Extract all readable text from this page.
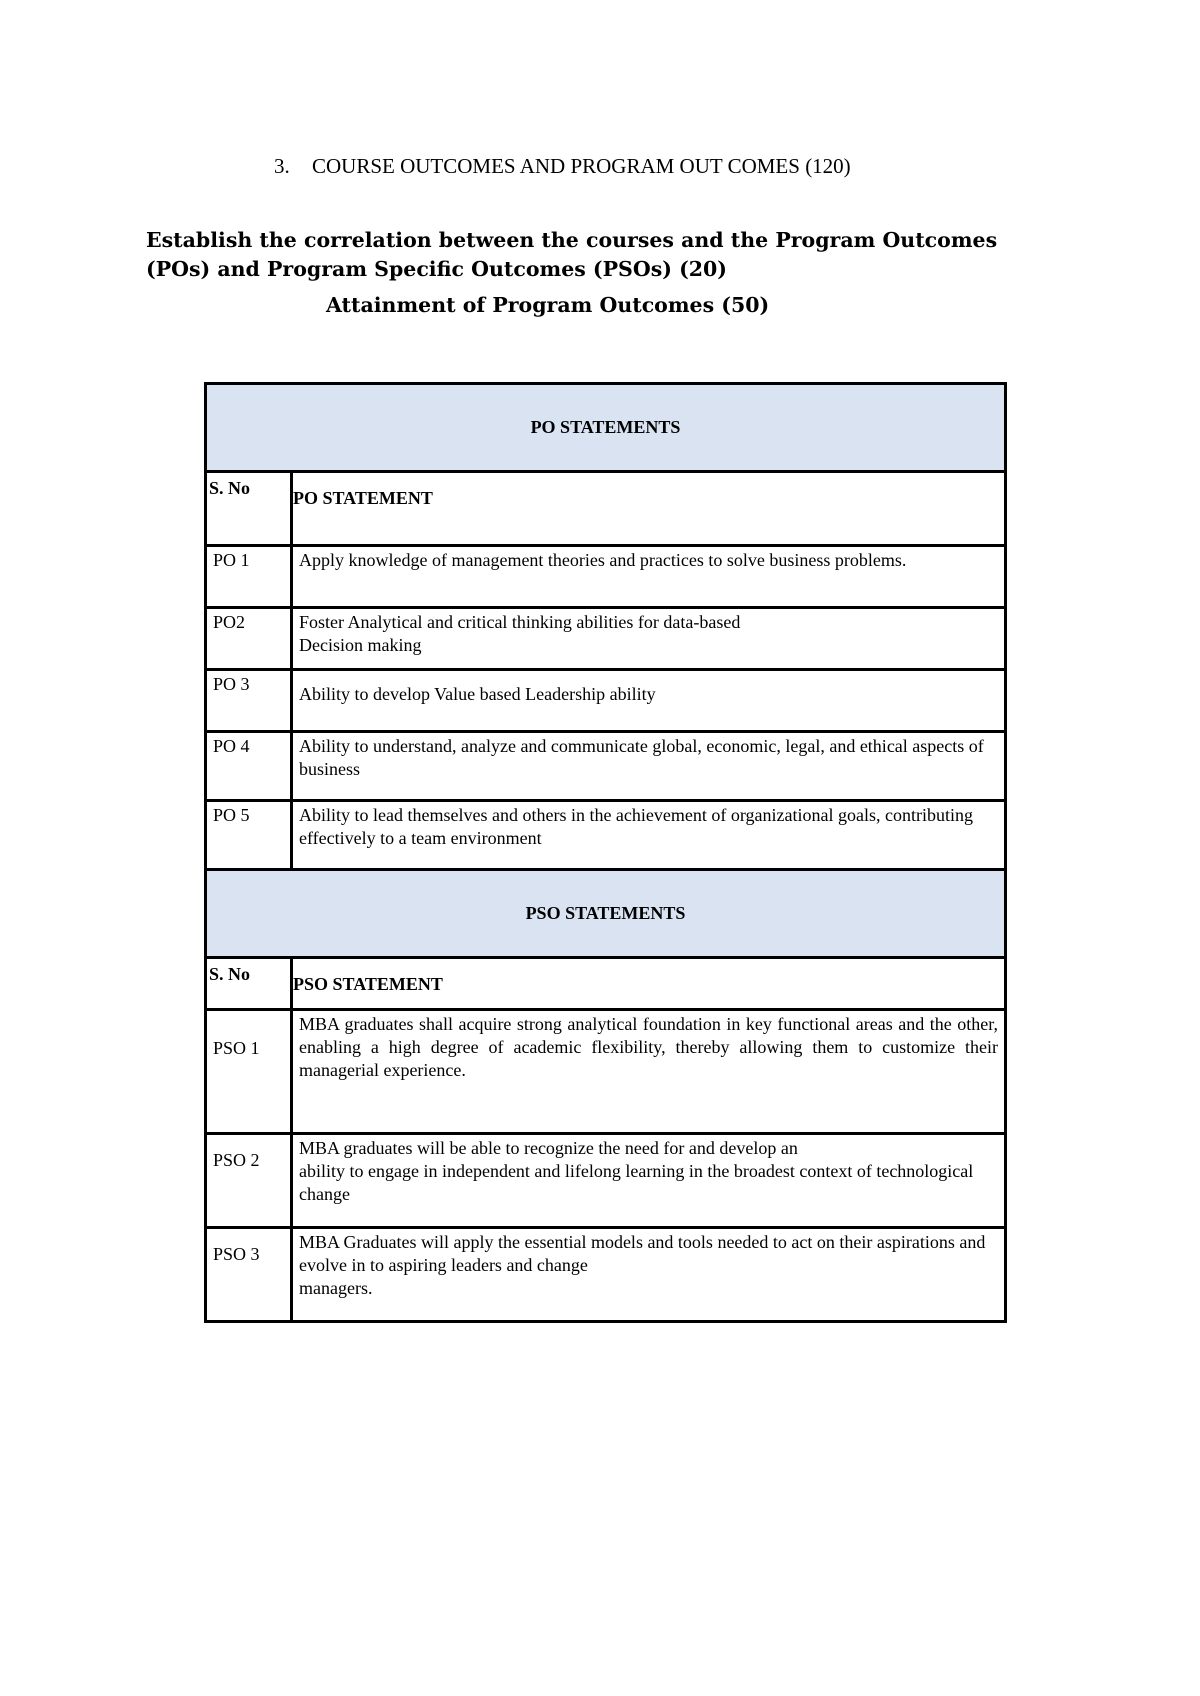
3. COURSE OUTCOMES AND PROGRAM OUT COMES (120)
Establish the correlation between the courses and the Program Outcomes (POs) and Program Specific Outcomes (PSOs) (20)
Attainment of Program Outcomes (50)
PO STATEMENTS	
S. No	PO STATEMENT
PO 1	Apply knowledge of management theories and practices to solve business problems.
PO2	Foster Analytical and critical thinking abilities for data-based
Decision making
PO 3	Ability to develop Value based Leadership ability
PO 4	Ability to understand, analyze and communicate global, economic, legal, and ethical aspects of business
PO 5	Ability to lead themselves and others in the achievement of organizational goals, contributing effectively to a team environment
PSO STATEMENTS	
S. No	PSO STATEMENT
PSO 1	MBA graduates shall acquire strong analytical foundation in key functional areas and the other, enabling a high degree of academic flexibility, thereby allowing them to customize their managerial experience.
PSO 2	MBA graduates will be able to recognize the need for and develop an
ability to engage in independent and lifelong learning in the broadest context of technological change
PSO 3	MBA Graduates will apply the essential models and tools needed to act on their aspirations and evolve in to aspiring leaders and change
managers.
